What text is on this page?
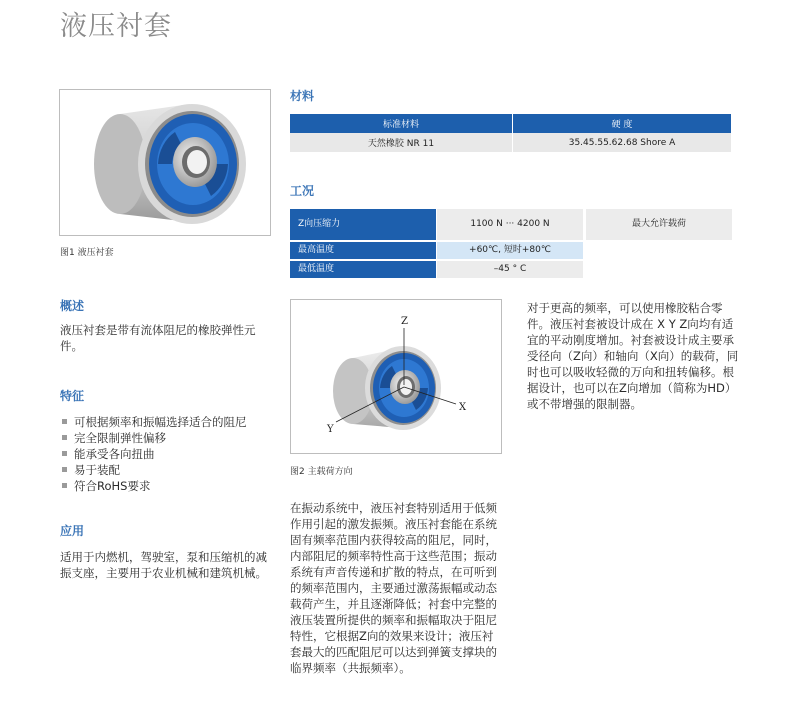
液压衬套
图1 液压衬套
概述
液压衬套是带有流体阻尼的橡胶弹性元件。
特征
可根据频率和振幅选择适合的阻尼
完全限制弹性偏移
能承受各向扭曲
易于装配
符合RoHS要求
应用
适用于内燃机，驾驶室，泵和压缩机的减振支座，主要用于农业机械和建筑机械。
材料
标准材料	硬 度
天然橡胶 NR 11	35.45.55.62.68 Shore A
工况
Z向压缩力	1100 N ··· 4200 N	最大允许载荷
最高温度	+60℃, 短时+80℃
最低温度	–45 ° C
Z
X
Y
图2 主载荷方向
在振动系统中，液压衬套特别适用于低频作用引起的激发振频。液压衬套能在系统固有频率范围内获得较高的阻尼，同时，内部阻尼的频率特性高于这些范围；振动系统有声音传递和扩散的特点，在可听到的频率范围内，主要通过激荡振幅或动态载荷产生，并且逐渐降低；衬套中完整的液压装置所提供的频率和振幅取决于阻尼特性，它根据Z向的效果来设计；液压衬套最大的匹配阻尼可以达到弹簧支撑块的临界频率（共振频率）。
对于更高的频率，可以使用橡胶粘合零件。液压衬套被设计成在 X Y Z向均有适宜的平动刚度增加。衬套被设计成主要承受径向（Z向）和轴向（X向）的载荷，同时也可以吸收轻微的万向和扭转偏移。根据设计，也可以在Z向增加（简称为HD）或不带增强的限制器。
